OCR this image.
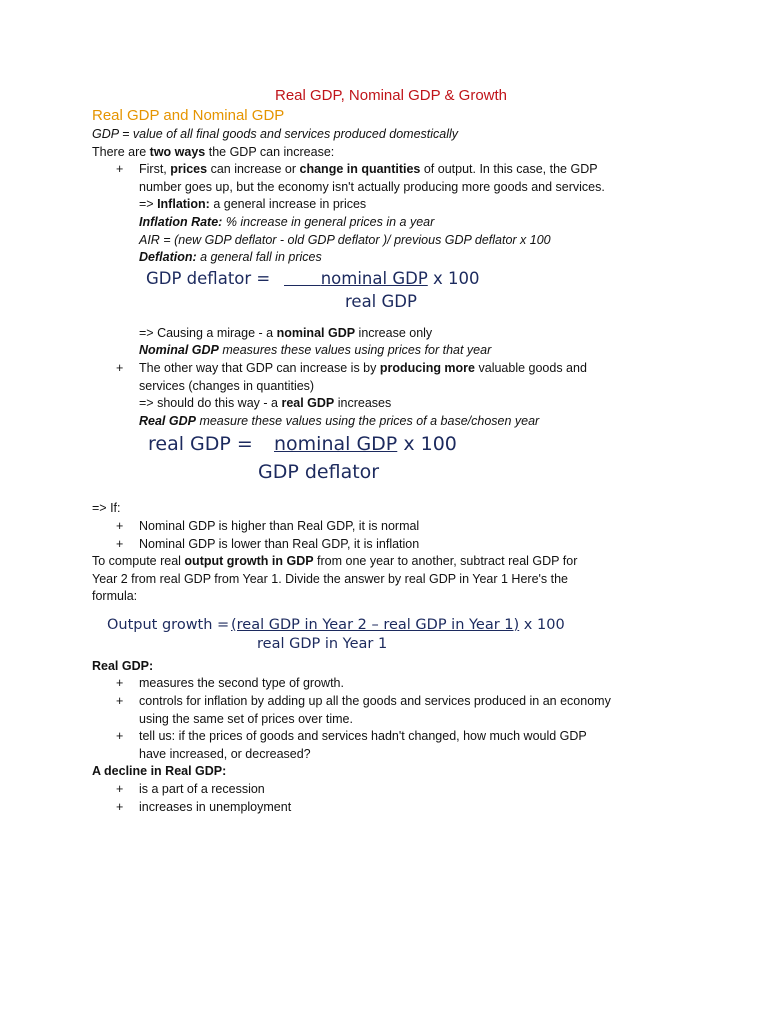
Real GDP, Nominal GDP & Growth
Real GDP and Nominal GDP
GDP = value of all final goods and services produced domestically
There are two ways the GDP can increase:
+ First, prices can increase or change in quantities of output. In this case, the GDP
number goes up, but the economy isn't actually producing more goods and services.
=> Inflation: a general increase in prices
Inflation Rate: % increase in general prices in a year
AIR = (new GDP deflator - old GDP deflator )/ previous GDP deflator x 100
Deflation: a general fall in prices
GDP deflator =	nominal GDP x 100
real GDP
=> Causing a mirage - a nominal GDP increase only
Nominal GDP measures these values using prices for that year
+ The other way that GDP can increase is by producing more valuable goods and
services (changes in quantities)
=> should do this way - a real GDP increases
Real GDP measure these values using the prices of a base/chosen year
real GDP = nominal GDP x 100
GDP deflator
=> If:
+ Nominal GDP is higher than Real GDP, it is normal
+ Nominal GDP is lower than Real GDP, it is inflation
To compute real output growth in GDP from one year to another, subtract real GDP for
Year 2 from real GDP from Year 1. Divide the answer by real GDP in Year 1 Here's the
formula:
Output growth = (real GDP in Year 2 – real GDP in Year 1) x 100
real GDP in Year 1
Real GDP:
+ measures the second type of growth.
+ controls for inflation by adding up all the goods and services produced in an economy
using the same set of prices over time.
+ tell us: if the prices of goods and services hadn't changed, how much would GDP
have increased, or decreased?
A decline in Real GDP:
+ is a part of a recession
+ increases in unemployment
